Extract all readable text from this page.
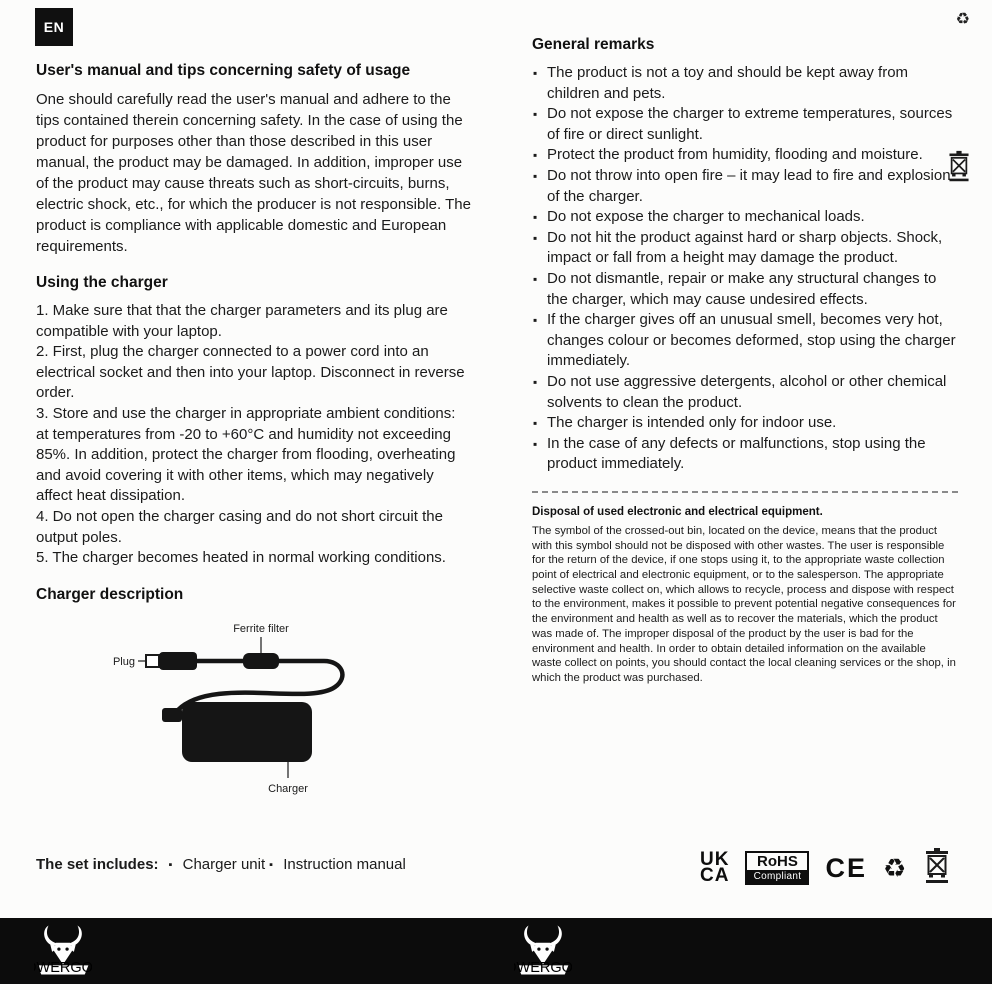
EN	♻
User's manual and tips concerning safety of usage

One should carefully read the user's manual and adhere to the tips contained therein concerning safety. In the case of using the product for purposes other than those described in this user manual, the product may be damaged. In addition, improper use of the product may cause threats such as short-circuits, burns, electric shock, etc., for which the producer is not responsible. The product is compliance with applicable domestic and European requirements.

Using the charger

1. Make sure that that the charger parameters and its plug are compatible with your laptop.

2. First, plug the charger connected to a power cord into an electrical socket and then into your laptop. Disconnect in reverse order.

3. Store and use the charger in appropriate ambient conditions: at temperatures from -20 to +60°C and humidity not exceeding 85%. In addition, protect the charger from flooding, overheating and avoid covering it with other items, which may negatively affect heat dissipation.

4. Do not open the charger casing and do not short circuit the output poles.

5. The charger becomes heated in normal working conditions.

Charger description
Ferrite filter
Plug
Charger
General remarks
▪ The product is not a toy and should be kept away from children and pets.
▪ Do not expose the charger to extreme temperatures, sources of fire or direct sunlight.
▪ Protect the product from humidity, flooding and moisture.
▪ Do not throw into open fire – it may lead to fire and explosion of the charger.
▪ Do not expose the charger to mechanical loads.
▪ Do not hit the product against hard or sharp objects. Shock, impact or fall from a height may damage the product.
▪ Do not dismantle, repair or make any structural changes to the charger, which may cause undesired effects.
▪ If the charger gives off an unusual smell, becomes very hot, changes colour or becomes deformed, stop using the charger immediately.
▪ Do not use aggressive detergents, alcohol or other chemical solvents to clean the product.
▪ The charger is intended only for indoor use.
▪ In the case of any defects or malfunctions, stop using the product immediately.
Disposal of used electronic and electrical equipment.

The symbol of the crossed-out bin, located on the device, means that the product with this symbol should not be disposed with other wastes. The user is responsible for the return of the device, if one stops using it, to the appropriate waste collection point of electrical and electronic equipment, or to the salesperson. The appropriate selective waste collect on, which allows to recycle, process and dispose with respect to the environment, makes it possible to prevent potential negative consequences for the environment and health as well as to recover the materials, which the product was made of. The improper disposal of the product by the user is bad for the environment and health. In order to obtain detailed information on the available waste collect on points, you should contact the local cleaning services or the shop, in which the product was purchased.

The set includes: ▪ Charger unit ▪ Instruction manual	UK
CA
RoHS
Compliant CE ♻
